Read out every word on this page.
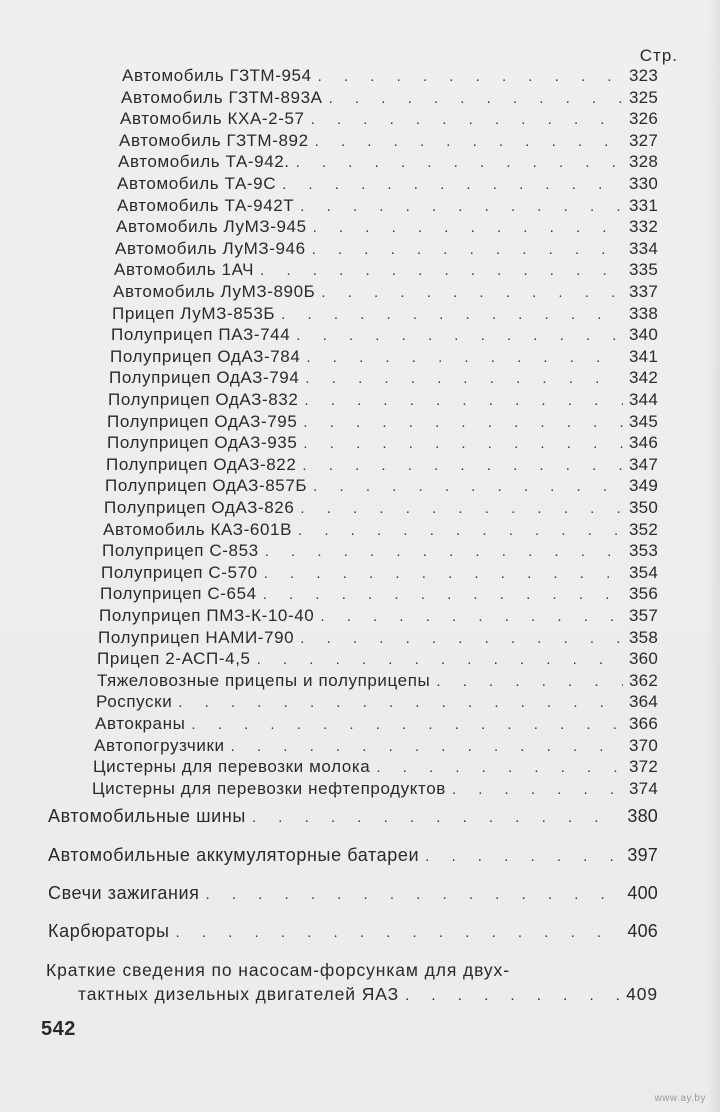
Стр.
Автомобиль ГЗТМ-954 . . .	323
Автомобиль ГЗТМ-893А . . .	325
Автомобиль КХА-2-57 . . .	326
Автомобиль ГЗТМ-892 . . .	327
Автомобиль ТА-942. . . .	328
Автомобиль ТА-9С . . .	330
Автомобиль ТА-942Т . . .	331
Автомобиль ЛуМЗ-945 . . .	332
Автомобиль ЛуМЗ-946 . . .	334
Автомобиль 1АЧ . . .	335
Автомобиль ЛуМЗ-890Б . . .	337
Прицеп ЛуМЗ-853Б . . .	338
Полуприцеп ПАЗ-744 . . .	340
Полуприцеп ОдАЗ-784 . . .	341
Полуприцеп ОдАЗ-794 . . .	342
Полуприцеп ОдАЗ-832 . . .	344
Полуприцеп ОдАЗ-795 . . .	345
Полуприцеп ОдАЗ-935 . . .	346
Полуприцеп ОдАЗ-822 . . .	347
Полуприцеп ОдАЗ-857Б . . .	349
Полуприцеп ОдАЗ-826 . . .	350
Автомобиль КАЗ-601В . . .	352
Полуприцеп С-853 . . .	353
Полуприцеп С-570 . . .	354
Полуприцеп С-654 . . .	356
Полуприцеп ПМЗ-К-10-40 . . .	357
Полуприцеп НАМИ-790 . . .	358
Прицеп 2-АСП-4,5 . . .	360
Тяжеловозные прицепы и полуприцепы . . .	362
Роспуски . . .	364
Автокраны . . .	366
Автопогрузчики . . .	370
Цистерны для перевозки молока . . .	372
Цистерны для перевозки нефтепродуктов . . .	374
Автомобильные шины . . .	380
Автомобильные аккумуляторные батареи . . .	397
Свечи зажигания . . .	400
Карбюраторы . . .	406
Краткие сведения по насосам-форсункам для двух-
тактных дизельных двигателей ЯАЗ . . .	409
542
www.ay.by
